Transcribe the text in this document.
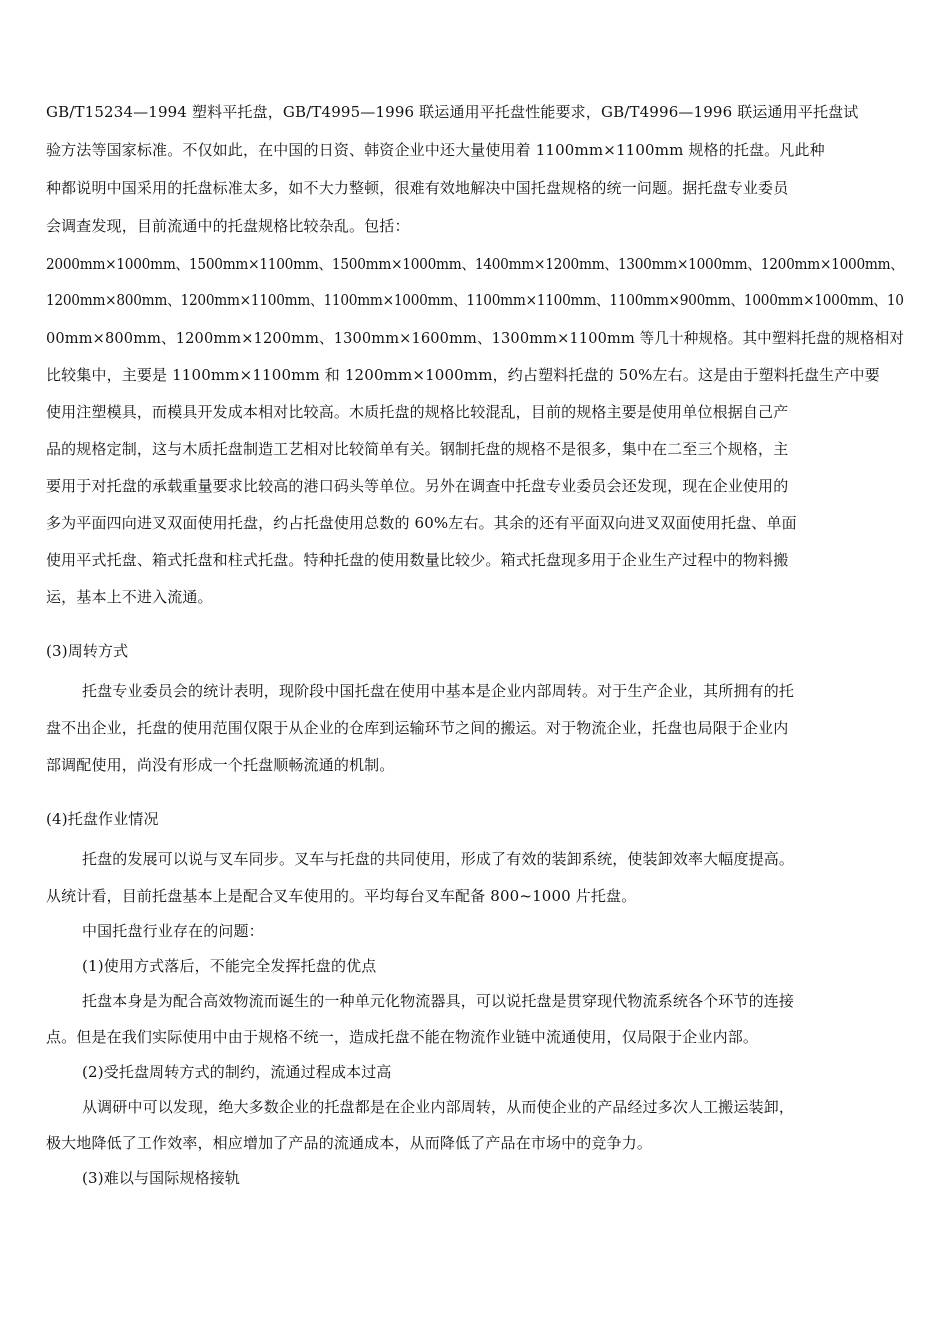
GB/T15234—1994 塑料平托盘，GB/T4995—1996 联运通用平托盘性能要求，GB/T4996—1996 联运通用平托盘试
验方法等国家标准。不仅如此，在中国的日资、韩资企业中还大量使用着 1100mm×1100mm 规格的托盘。凡此种
种都说明中国采用的托盘标准太多，如不大力整顿，很难有效地解决中国托盘规格的统一问题。据托盘专业委员
会调查发现，目前流通中的托盘规格比较杂乱。包括：
2000mm×1000mm、1500mm×1100mm、1500mm×1000mm、1400mm×1200mm、1300mm×1000mm、1200mm×1000mm、
1200mm×800mm、1200mm×1100mm、1100mm×1000mm、1100mm×1100mm、1100mm×900mm、1000mm×1000mm、10
00mm×800mm、1200mm×1200mm、1300mm×1600mm、1300mm×1100mm 等几十种规格。其中塑料托盘的规格相对
比较集中，主要是 1100mm×1100mm 和 1200mm×1000mm，约占塑料托盘的 50%左右。这是由于塑料托盘生产中要
使用注塑模具，而模具开发成本相对比较高。木质托盘的规格比较混乱，目前的规格主要是使用单位根据自己产
品的规格定制，这与木质托盘制造工艺相对比较简单有关。钢制托盘的规格不是很多，集中在二至三个规格，主
要用于对托盘的承载重量要求比较高的港口码头等单位。另外在调查中托盘专业委员会还发现，现在企业使用的
多为平面四向进叉双面使用托盘，约占托盘使用总数的 60%左右。其余的还有平面双向进叉双面使用托盘、单面
使用平式托盘、箱式托盘和柱式托盘。特种托盘的使用数量比较少。箱式托盘现多用于企业生产过程中的物料搬
运，基本上不进入流通。
(3)周转方式
托盘专业委员会的统计表明，现阶段中国托盘在使用中基本是企业内部周转。对于生产企业，其所拥有的托
盘不出企业，托盘的使用范围仅限于从企业的仓库到运输环节之间的搬运。对于物流企业，托盘也局限于企业内
部调配使用，尚没有形成一个托盘顺畅流通的机制。
(4)托盘作业情况
托盘的发展可以说与叉车同步。叉车与托盘的共同使用，形成了有效的装卸系统，使装卸效率大幅度提高。
从统计看，目前托盘基本上是配合叉车使用的。平均每台叉车配备 800~1000 片托盘。
中国托盘行业存在的问题：
(1)使用方式落后，不能完全发挥托盘的优点
托盘本身是为配合高效物流而诞生的一种单元化物流器具，可以说托盘是贯穿现代物流系统各个环节的连接
点。但是在我们实际使用中由于规格不统一，造成托盘不能在物流作业链中流通使用，仅局限于企业内部。
(2)受托盘周转方式的制约，流通过程成本过高
从调研中可以发现，绝大多数企业的托盘都是在企业内部周转，从而使企业的产品经过多次人工搬运装卸，
极大地降低了工作效率，相应增加了产品的流通成本，从而降低了产品在市场中的竞争力。
(3)难以与国际规格接轨
